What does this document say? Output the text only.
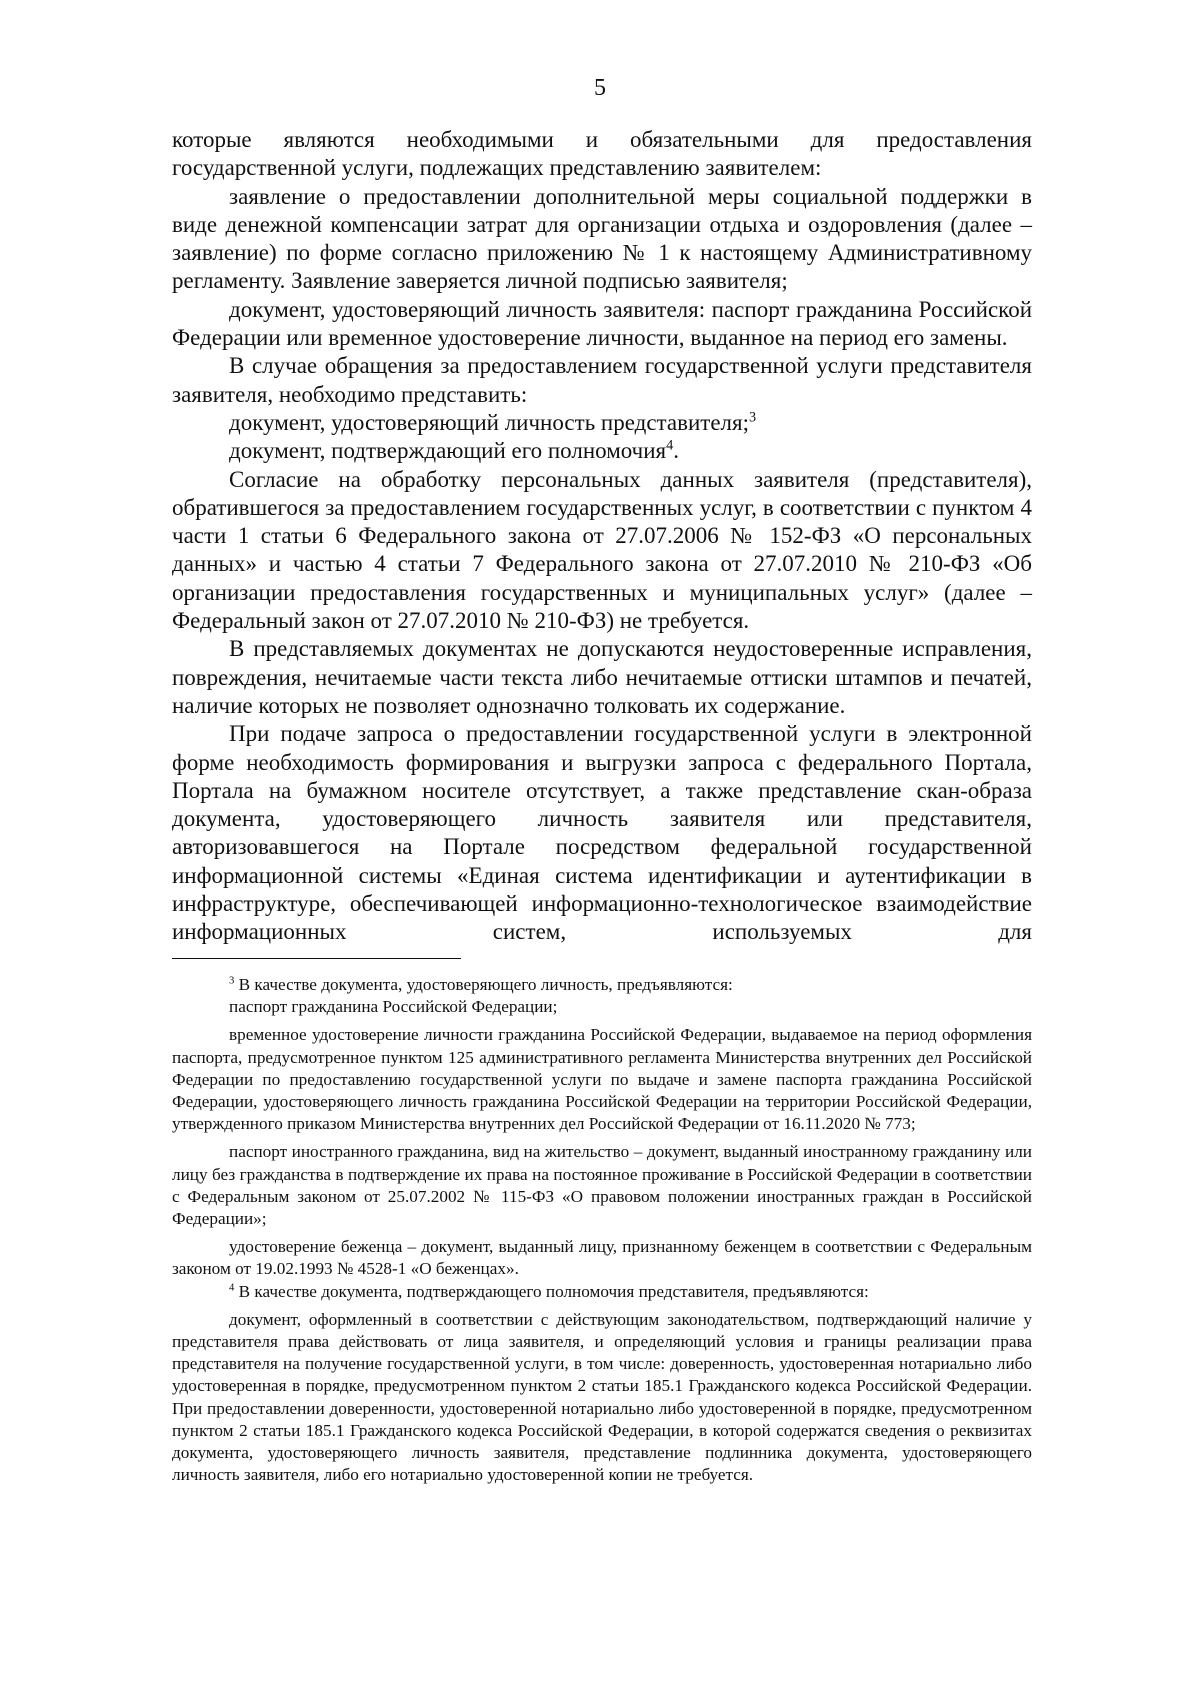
5

которые являются необходимыми и обязательными для предоставления государственной услуги, подлежащих представлению заявителем:

заявление о предоставлении дополнительной меры социальной поддержки в виде денежной компенсации затрат для организации отдыха и оздоровления (далее – заявление) по форме согласно приложению № 1 к настоящему Административному регламенту. Заявление заверяется личной подписью заявителя;

документ, удостоверяющий личность заявителя: паспорт гражданина Российской Федерации или временное удостоверение личности, выданное на период его замены.

В случае обращения за предоставлением государственной услуги представителя заявителя, необходимо представить:

документ, удостоверяющий личность представителя;$^3$

документ, подтверждающий его полномочия$^4$.

Согласие на обработку персональных данных заявителя (представителя), обратившегося за предоставлением государственных услуг, в соответствии с пунктом 4 части 1 статьи 6 Федерального закона от 27.07.2006 № 152-ФЗ «О персональных данных» и частью 4 статьи 7 Федерального закона от 27.07.2010 № 210-ФЗ «Об организации предоставления государственных и муниципальных услуг» (далее – Федеральный закон от 27.07.2010 № 210-ФЗ) не требуется.

В представляемых документах не допускаются неудостоверенные исправления, повреждения, нечитаемые части текста либо нечитаемые оттиски штампов и печатей, наличие которых не позволяет однозначно толковать их содержание.

При подаче запроса о предоставлении государственной услуги в электронной форме необходимость формирования и выгрузки запроса с федерального Портала, Портала на бумажном носителе отсутствует, а также представление скан-образа документа, удостоверяющего личность заявителя или представителя, авторизовавшегося на Портале посредством федеральной государственной информационной системы «Единая система идентификации и аутентификации в инфраструктуре, обеспечивающей информационно-технологическое взаимодействие информационных систем, используемых для

$^3$ В качестве документа, удостоверяющего личность, предъявляются:

паспорт гражданина Российской Федерации;

временное удостоверение личности гражданина Российской Федерации, выдаваемое на период оформления паспорта, предусмотренное пунктом 125 административного регламента Министерства внутренних дел Российской Федерации по предоставлению государственной услуги по выдаче и замене паспорта гражданина Российской Федерации, удостоверяющего личность гражданина Российской Федерации на территории Российской Федерации, утвержденного приказом Министерства внутренних дел Российской Федерации от 16.11.2020 № 773;

паспорт иностранного гражданина, вид на жительство – документ, выданный иностранному гражданину или лицу без гражданства в подтверждение их права на постоянное проживание в Российской Федерации в соответствии с Федеральным законом от 25.07.2002 № 115-ФЗ «О правовом положении иностранных граждан в Российской Федерации»;

удостоверение беженца – документ, выданный лицу, признанному беженцем в соответствии с Федеральным законом от 19.02.1993 № 4528-1 «О беженцах».

$^4$ В качестве документа, подтверждающего полномочия представителя, предъявляются:

документ, оформленный в соответствии с действующим законодательством, подтверждающий наличие у представителя права действовать от лица заявителя, и определяющий условия и границы реализации права представителя на получение государственной услуги, в том числе: доверенность, удостоверенная нотариально либо удостоверенная в порядке, предусмотренном пунктом 2 статьи 185.1 Гражданского кодекса Российской Федерации. При предоставлении доверенности, удостоверенной нотариально либо удостоверенной в порядке, предусмотренном пунктом 2 статьи 185.1 Гражданского кодекса Российской Федерации, в которой содержатся сведения о реквизитах документа, удостоверяющего личность заявителя, представление подлинника документа, удостоверяющего личность заявителя, либо его нотариально удостоверенной копии не требуется.
